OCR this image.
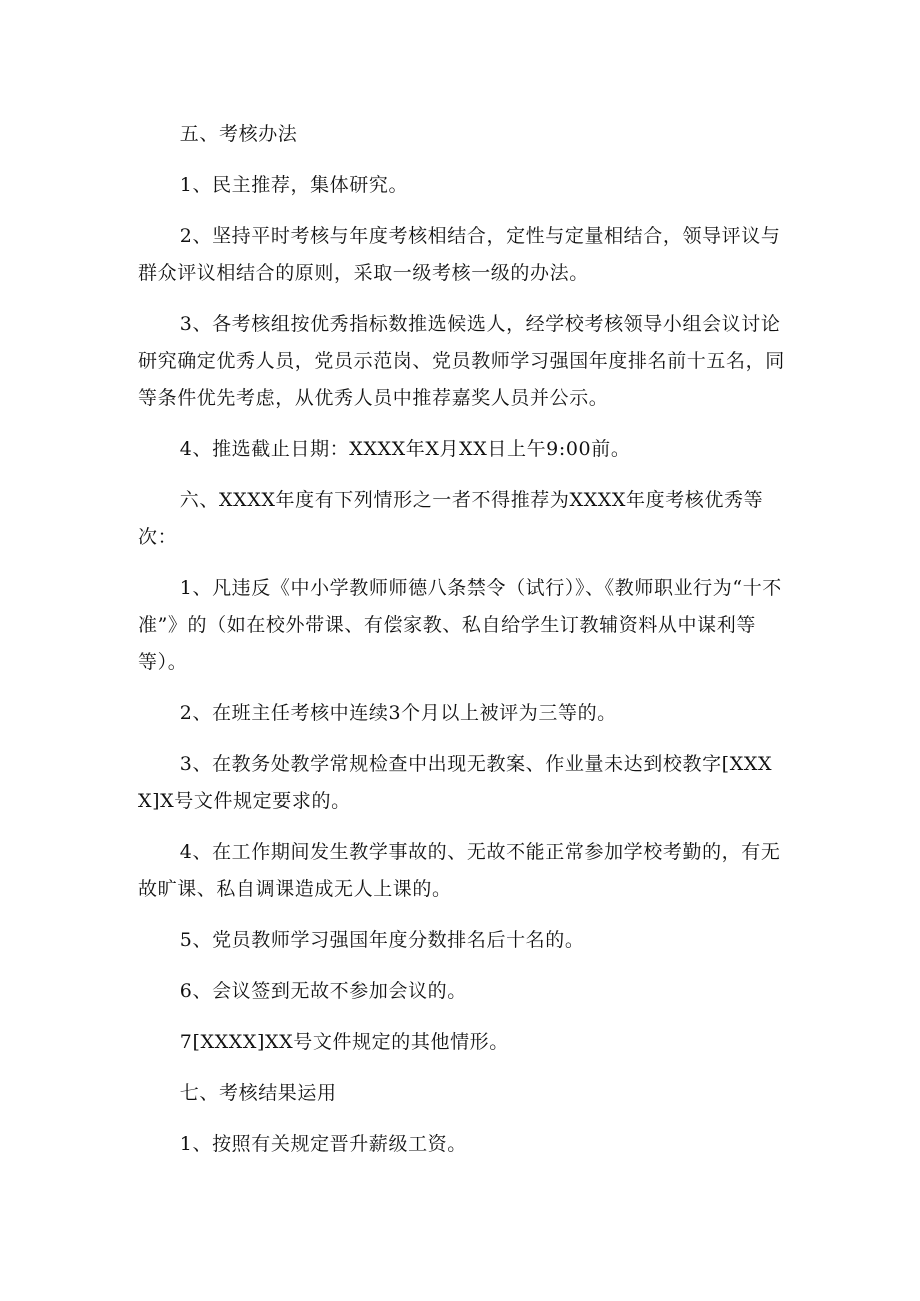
五、考核办法

1、民主推荐，集体研究。

2、坚持平时考核与年度考核相结合，定性与定量相结合，领导评议与群众评议相结合的原则，采取一级考核一级的办法。

3、各考核组按优秀指标数推选候选人，经学校考核领导小组会议讨论研究确定优秀人员，党员示范岗、党员教师学习强国年度排名前十五名，同等条件优先考虑，从优秀人员中推荐嘉奖人员并公示。

4、推选截止日期：XXXX年X月XX日上午9:00前。

六、XXXX年度有下列情形之一者不得推荐为XXXX年度考核优秀等次：

1、凡违反《中小学教师师德八条禁令（试行）》、《教师职业行为“十不准”》的（如在校外带课、有偿家教、私自给学生订教辅资料从中谋利等等）。

2、在班主任考核中连续3个月以上被评为三等的。

3、在教务处教学常规检查中出现无教案、作业量未达到校教字[XXXX]X号文件规定要求的。

4、在工作期间发生教学事故的、无故不能正常参加学校考勤的，有无故旷课、私自调课造成无人上课的。

5、党员教师学习强国年度分数排名后十名的。

6、会议签到无故不参加会议的。

7[XXXX]XX号文件规定的其他情形。

七、考核结果运用

1、按照有关规定晋升薪级工资。
